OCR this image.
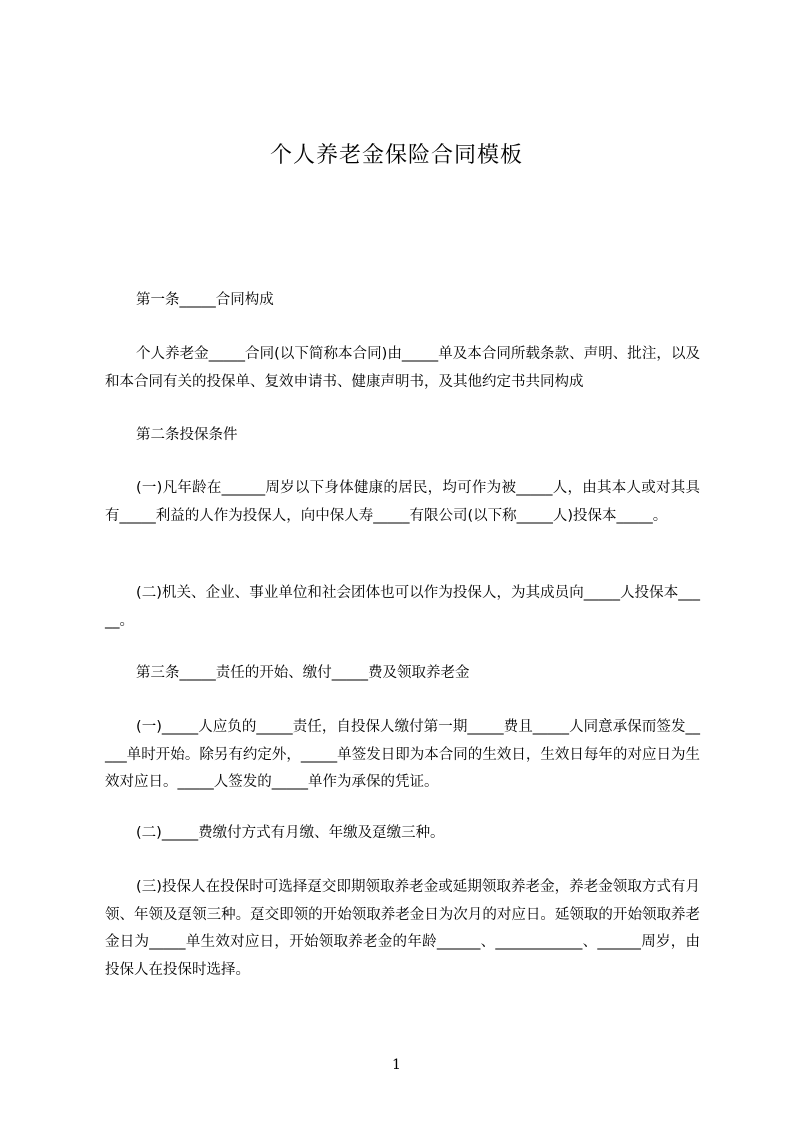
个人养老金保险合同模板
第一条_____合同构成
个人养老金_____合同(以下简称本合同)由_____单及本合同所载条款、声明、批注，以及和本合同有关的投保单、复效申请书、健康声明书，及其他约定书共同构成
第二条投保条件
(一)凡年龄在______周岁以下身体健康的居民，均可作为被_____人，由其本人或对其具有_____利益的人作为投保人，向中保人寿_____有限公司(以下称_____人)投保本_____。
(二)机关、企业、事业单位和社会团体也可以作为投保人，为其成员向_____人投保本_____。
第三条_____责任的开始、缴付_____费及领取养老金
(一)_____人应负的_____责任，自投保人缴付第一期_____费且_____人同意承保而签发_____单时开始。除另有约定外，_____单签发日即为本合同的生效日，生效日每年的对应日为生效对应日。_____人签发的_____单作为承保的凭证。
(二)_____费缴付方式有月缴、年缴及趸缴三种。
(三)投保人在投保时可选择趸交即期领取养老金或延期领取养老金，养老金领取方式有月领、年领及趸领三种。趸交即领的开始领取养老金日为次月的对应日。延领取的开始领取养老金日为_____单生效对应日，开始领取养老金的年龄______、____________、______周岁，由投保人在投保时选择。
1
